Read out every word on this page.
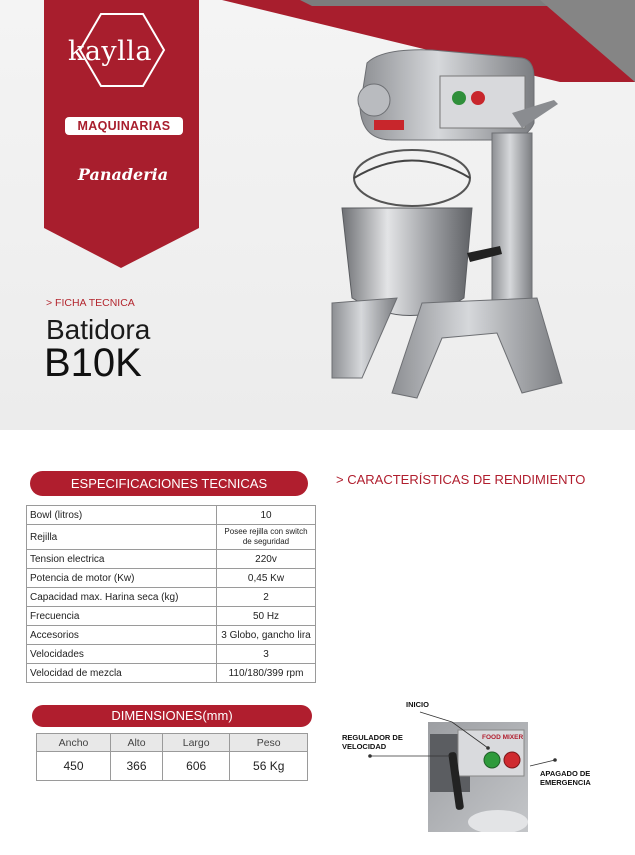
kaylla
MAQUINARIAS
Panaderia
> FICHA TECNICA
Batidora
B10K
ESPECIFICACIONES TECNICAS
Bowl (litros)	10
Rejilla	Posee rejilla con switch de seguridad
Tension electrica	220v
Potencia de motor (Kw)	0,45 Kw
Capacidad max. Harina seca (kg)	2
Frecuencia	50 Hz
Accesorios	3 Globo, gancho lira
Velocidades	3
Velocidad de mezcla	110/180/399 rpm
DIMENSIONES(mm)
Ancho	Alto	Largo	Peso
450	366	606	56 Kg
> CARACTERÍSTICAS DE RENDIMIENTO
FOOD MIXER
INICIO
REGULADOR DE
VELOCIDAD
APAGADO DE
EMERGENCIA
